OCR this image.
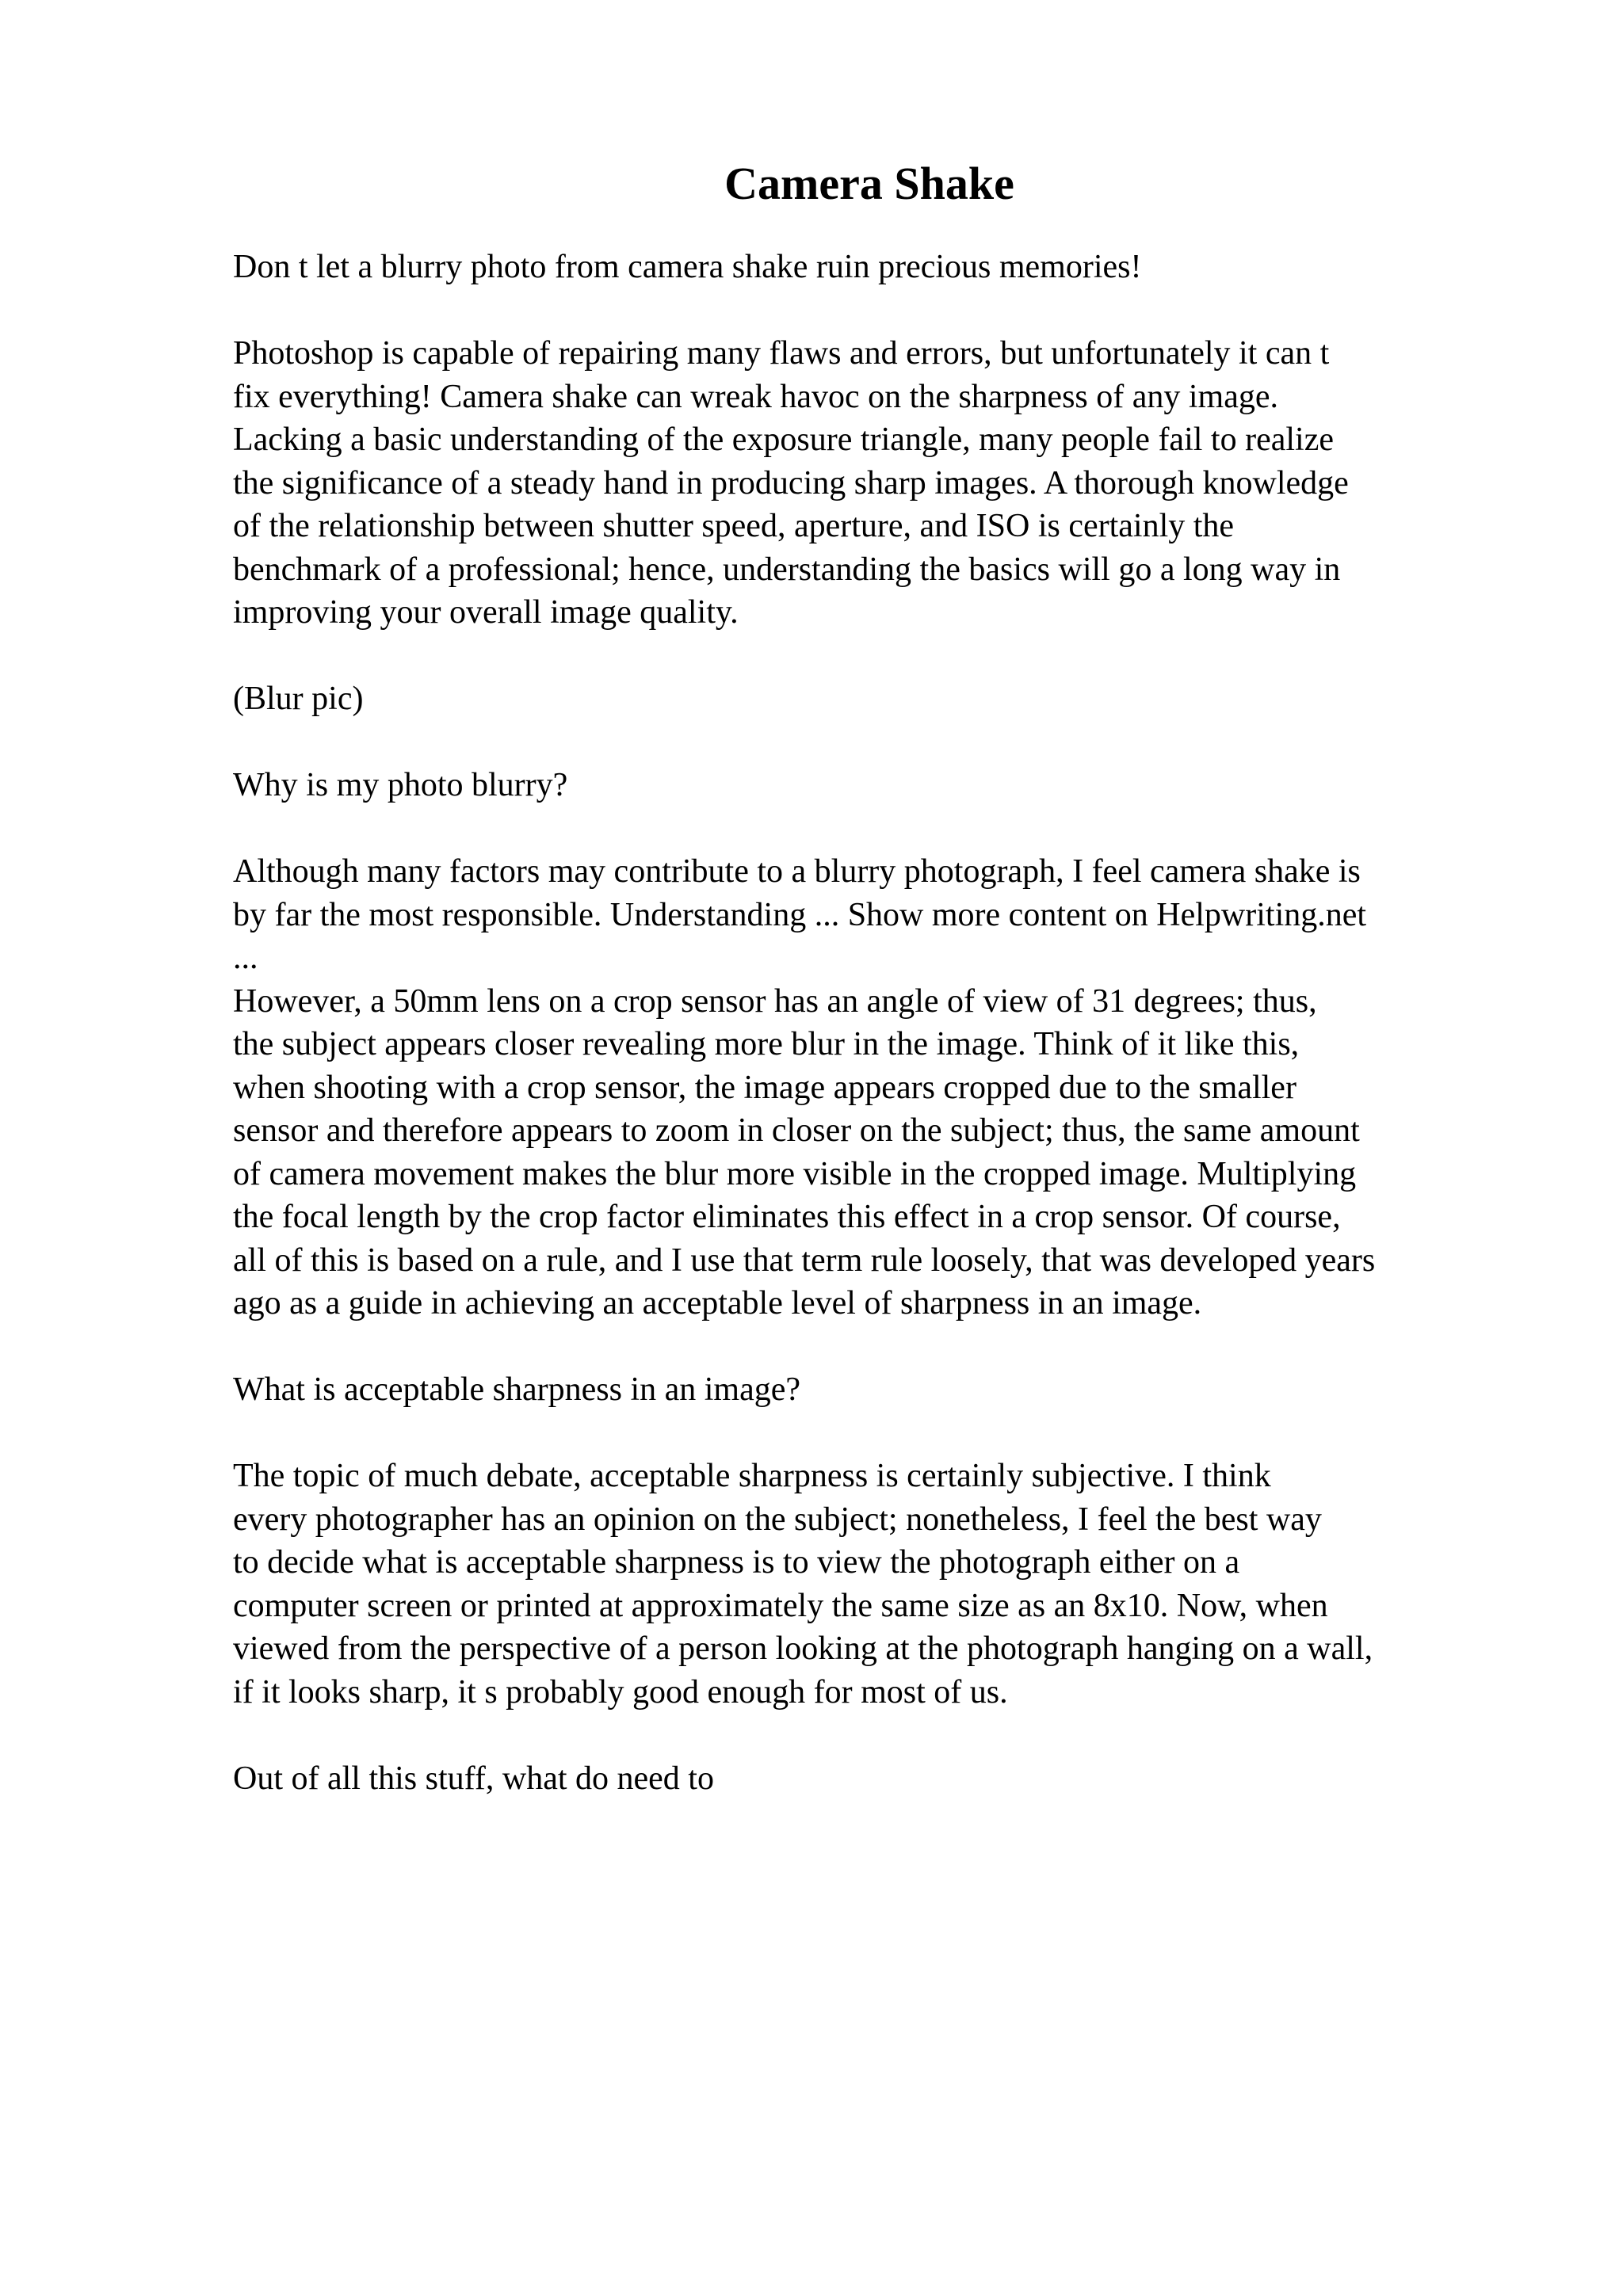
Camera Shake

Don t let a blurry photo from camera shake ruin precious memories!

Photoshop is capable of repairing many flaws and errors, but unfortunately it can t
fix everything! Camera shake can wreak havoc on the sharpness of any image.
Lacking a basic understanding of the exposure triangle, many people fail to realize
the significance of a steady hand in producing sharp images. A thorough knowledge
of the relationship between shutter speed, aperture, and ISO is certainly the
benchmark of a professional; hence, understanding the basics will go a long way in
improving your overall image quality.

(Blur pic)

Why is my photo blurry?

Although many factors may contribute to a blurry photograph, I feel camera shake is
by far the most responsible. Understanding ... Show more content on Helpwriting.net
...
However, a 50mm lens on a crop sensor has an angle of view of 31 degrees; thus,
the subject appears closer revealing more blur in the image. Think of it like this,
when shooting with a crop sensor, the image appears cropped due to the smaller
sensor and therefore appears to zoom in closer on the subject; thus, the same amount
of camera movement makes the blur more visible in the cropped image. Multiplying
the focal length by the crop factor eliminates this effect in a crop sensor. Of course,
all of this is based on a rule, and I use that term rule loosely, that was developed years
ago as a guide in achieving an acceptable level of sharpness in an image.

What is acceptable sharpness in an image?

The topic of much debate, acceptable sharpness is certainly subjective. I think
every photographer has an opinion on the subject; nonetheless, I feel the best way
to decide what is acceptable sharpness is to view the photograph either on a
computer screen or printed at approximately the same size as an 8x10. Now, when
viewed from the perspective of a person looking at the photograph hanging on a wall,
if it looks sharp, it s probably good enough for most of us.

Out of all this stuff, what do need to
